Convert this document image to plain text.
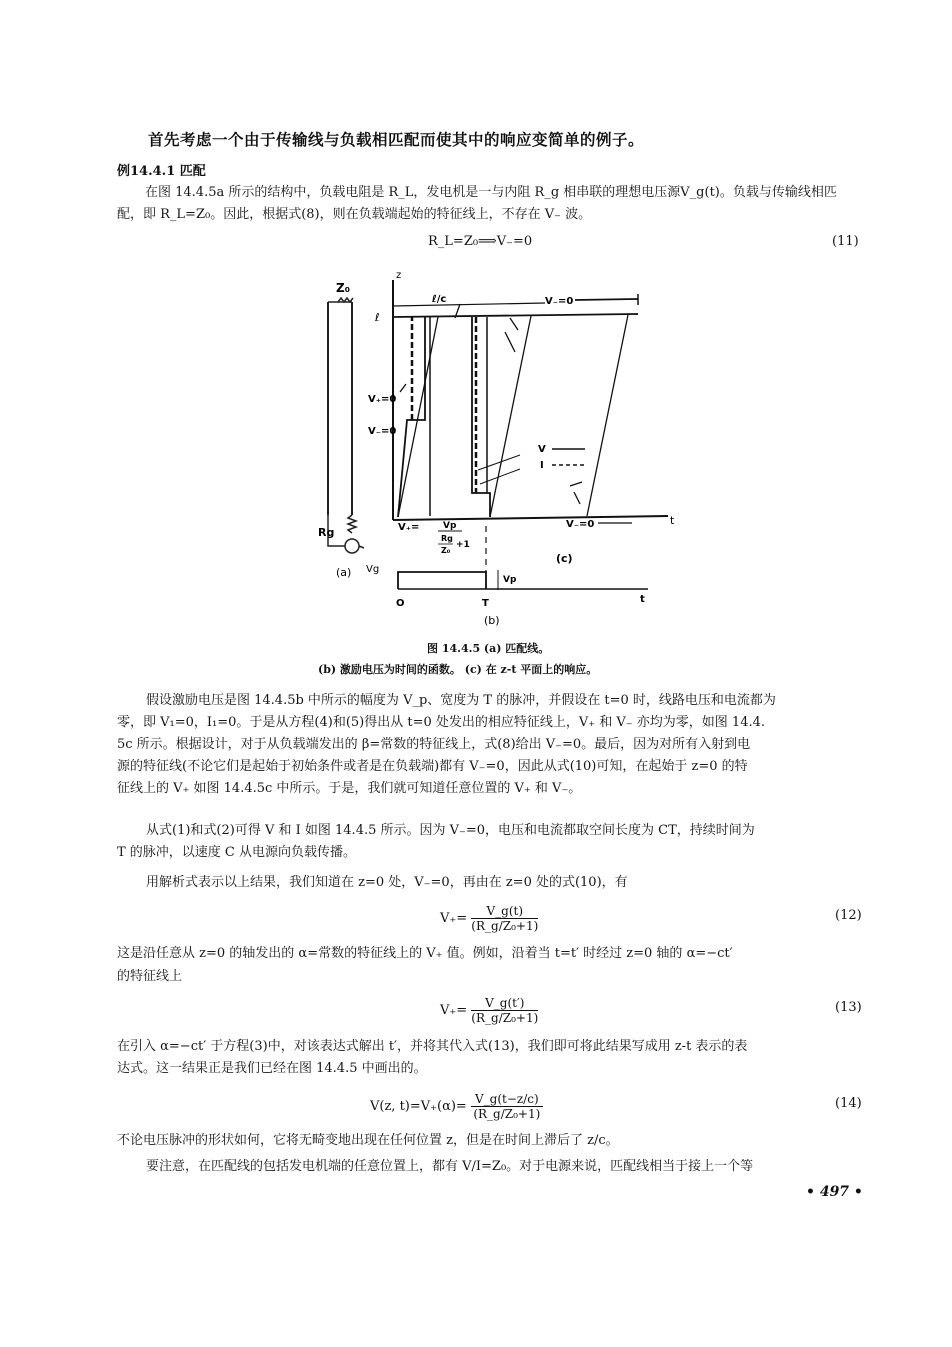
首先考虑一个由于传输线与负载相匹配而使其中的响应变简单的例子。
例14.4.1 匹配
在图 14.4.5a 所示的结构中，负载电阻是 R_L，发电机是一与内阻 R_g 相串联的理想电压源V_g(t)。负载与传输线相匹配，即 R_L=Z₀。因此，根据式(8)，则在负载端起始的特征线上，不存在 V₋ 波。
R_L=Z₀⟹V₋=0	(11)
Z₀
Rg
Vg
(a)
z
t
ℓ
V₋=0
ℓ/c
V₊=0
V₋=0
V
I
V₊=	Vp
Rg
Z₀
+1
V₋=0
(c)
Vp
O	T	t
(b)
图 14.4.5 (a) 匹配线。
(b) 激励电压为时间的函数。 (c) 在 z-t 平面上的响应。
假设激励电压是图 14.4.5b 中所示的幅度为 V_p、宽度为 T 的脉冲，并假设在 t=0 时，线路电压和电流都为
零，即 V₁=0，I₁=0。于是从方程(4)和(5)得出从 t=0 处发出的相应特征线上，V₊ 和 V₋ 亦均为零，如图 14.4.
5c 所示。根据设计，对于从负载端发出的 β=常数的特征线上，式(8)给出 V₋=0。最后，因为对所有入射到电
源的特征线(不论它们是起始于初始条件或者是在负载端)都有 V₋=0，因此从式(10)可知，在起始于 z=0 的特
征线上的 V₊ 如图 14.4.5c 中所示。于是，我们就可知道任意位置的 V₊ 和 V₋。
从式(1)和式(2)可得 V 和 I 如图 14.4.5 所示。因为 V₋=0，电压和电流都取空间长度为 CT，持续时间为
T 的脉冲，以速度 C 从电源向负载传播。
用解析式表示以上结果，我们知道在 z=0 处，V₋=0，再由在 z=0 处的式(10)，有
$V_+= \frac{V\_g(t)}{\text{(R\_g/Z₀+1)}}$	(12)
这是沿任意从 z=0 的轴发出的 α=常数的特征线上的 V₊ 值。例如，沿着当 t=t′ 时经过 z=0 轴的 α=−ct′
的特征线上
$V_+= \frac{V\_g(t')}{\text{(R\_g/Z₀+1)}}$	(13)
在引入 α=−ct′ 于方程(3)中，对该表达式解出 t′，并将其代入式(13)，我们即可将此结果写成用 z-t 表示的表
达式。这一结果正是我们已经在图 14.4.5 中画出的。
V(z, $t)=V_+(\alpha)= \frac{V\_g(t-z/c)}{\text{(R\_g/Z₀+1)}}$	(14)
不论电压脉冲的形状如何，它将无畸变地出现在任何位置 z，但是在时间上滞后了 z/c。
要注意，在匹配线的包括发电机端的任意位置上，都有 V/I=Z₀。对于电源来说，匹配线相当于接上一个等
• 497 •
